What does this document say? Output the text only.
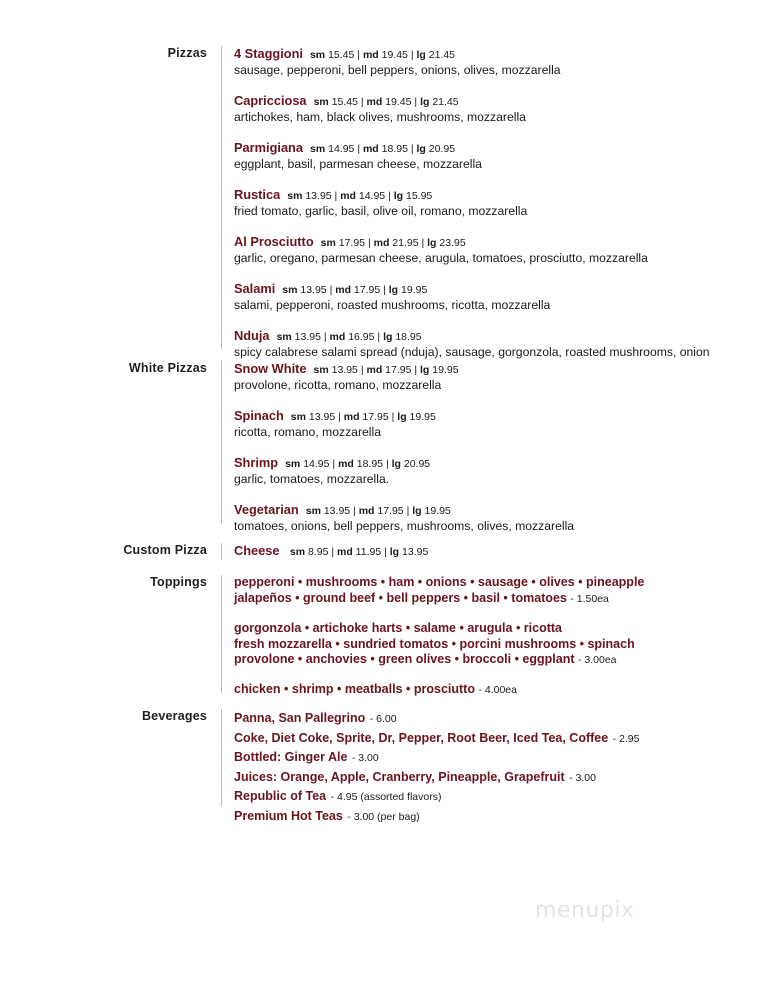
Pizzas 4 Staggioni sm 15.45 | md 19.45 | lg 21.45
sausage, pepperoni, bell peppers, onions, olives, mozzarella
Capricciosa sm 15.45 | md 19.45 | lg 21.45
artichokes, ham, black olives, mushrooms, mozzarella
Parmigiana sm 14.95 | md 18.95 | lg 20.95
eggplant, basil, parmesan cheese, mozzarella
Rustica sm 13.95 | md 14.95 | lg 15.95
fried tomato, garlic, basil, olive oil, romano, mozzarella
Al Prosciutto sm 17.95 | md 21.95 | lg 23.95
garlic, oregano, parmesan cheese, arugula, tomatoes, prosciutto, mozzarella
Salami sm 13.95 | md 17.95 | lg 19.95
salami, pepperoni, roasted mushrooms, ricotta, mozzarella
Nduja sm 13.95 | md 16.95 | lg 18.95
spicy calabrese salami spread (nduja), sausage, gorgonzola, roasted mushrooms, onion
White Pizzas Snow White sm 13.95 | md 17.95 | lg 19.95
provolone, ricotta, romano, mozzarella
Spinach sm 13.95 | md 17.95 | lg 19.95
ricotta, romano, mozzarella
Shrimp sm 14.95 | md 18.95 | lg 20.95
garlic, tomatoes, mozzarella.
Vegetarian sm 13.95 | md 17.95 | lg 19.95
tomatoes, onions, bell peppers, mushrooms, olives, mozzarella
Custom Pizza Cheese sm 8.95 | md 11.95 | lg 13.95
Toppings pepperoni • mushrooms • ham • onions • sausage • olives • pineapple
jalapeños • ground beef • bell peppers • basil • tomatoes - 1.50ea
gorgonzola • artichoke harts • salame • arugula • ricotta
fresh mozzarella • sundried tomatos • porcini mushrooms • spinach
provolone • anchovies • green olives • broccoli • eggplant - 3.00ea
chicken • shrimp • meatballs • prosciutto - 4.00ea
Beverages Panna, San Pallegrino - 6.00
Coke, Diet Coke, Sprite, Dr, Pepper, Root Beer, Iced Tea, Coffee - 2.95
Bottled: Ginger Ale - 3.00
Juices: Orange, Apple, Cranberry, Pineapple, Grapefruit - 3.00
Republic of Tea - 4.95 (assorted flavors)
Premium Hot Teas - 3.00 (per bag)
menupix
